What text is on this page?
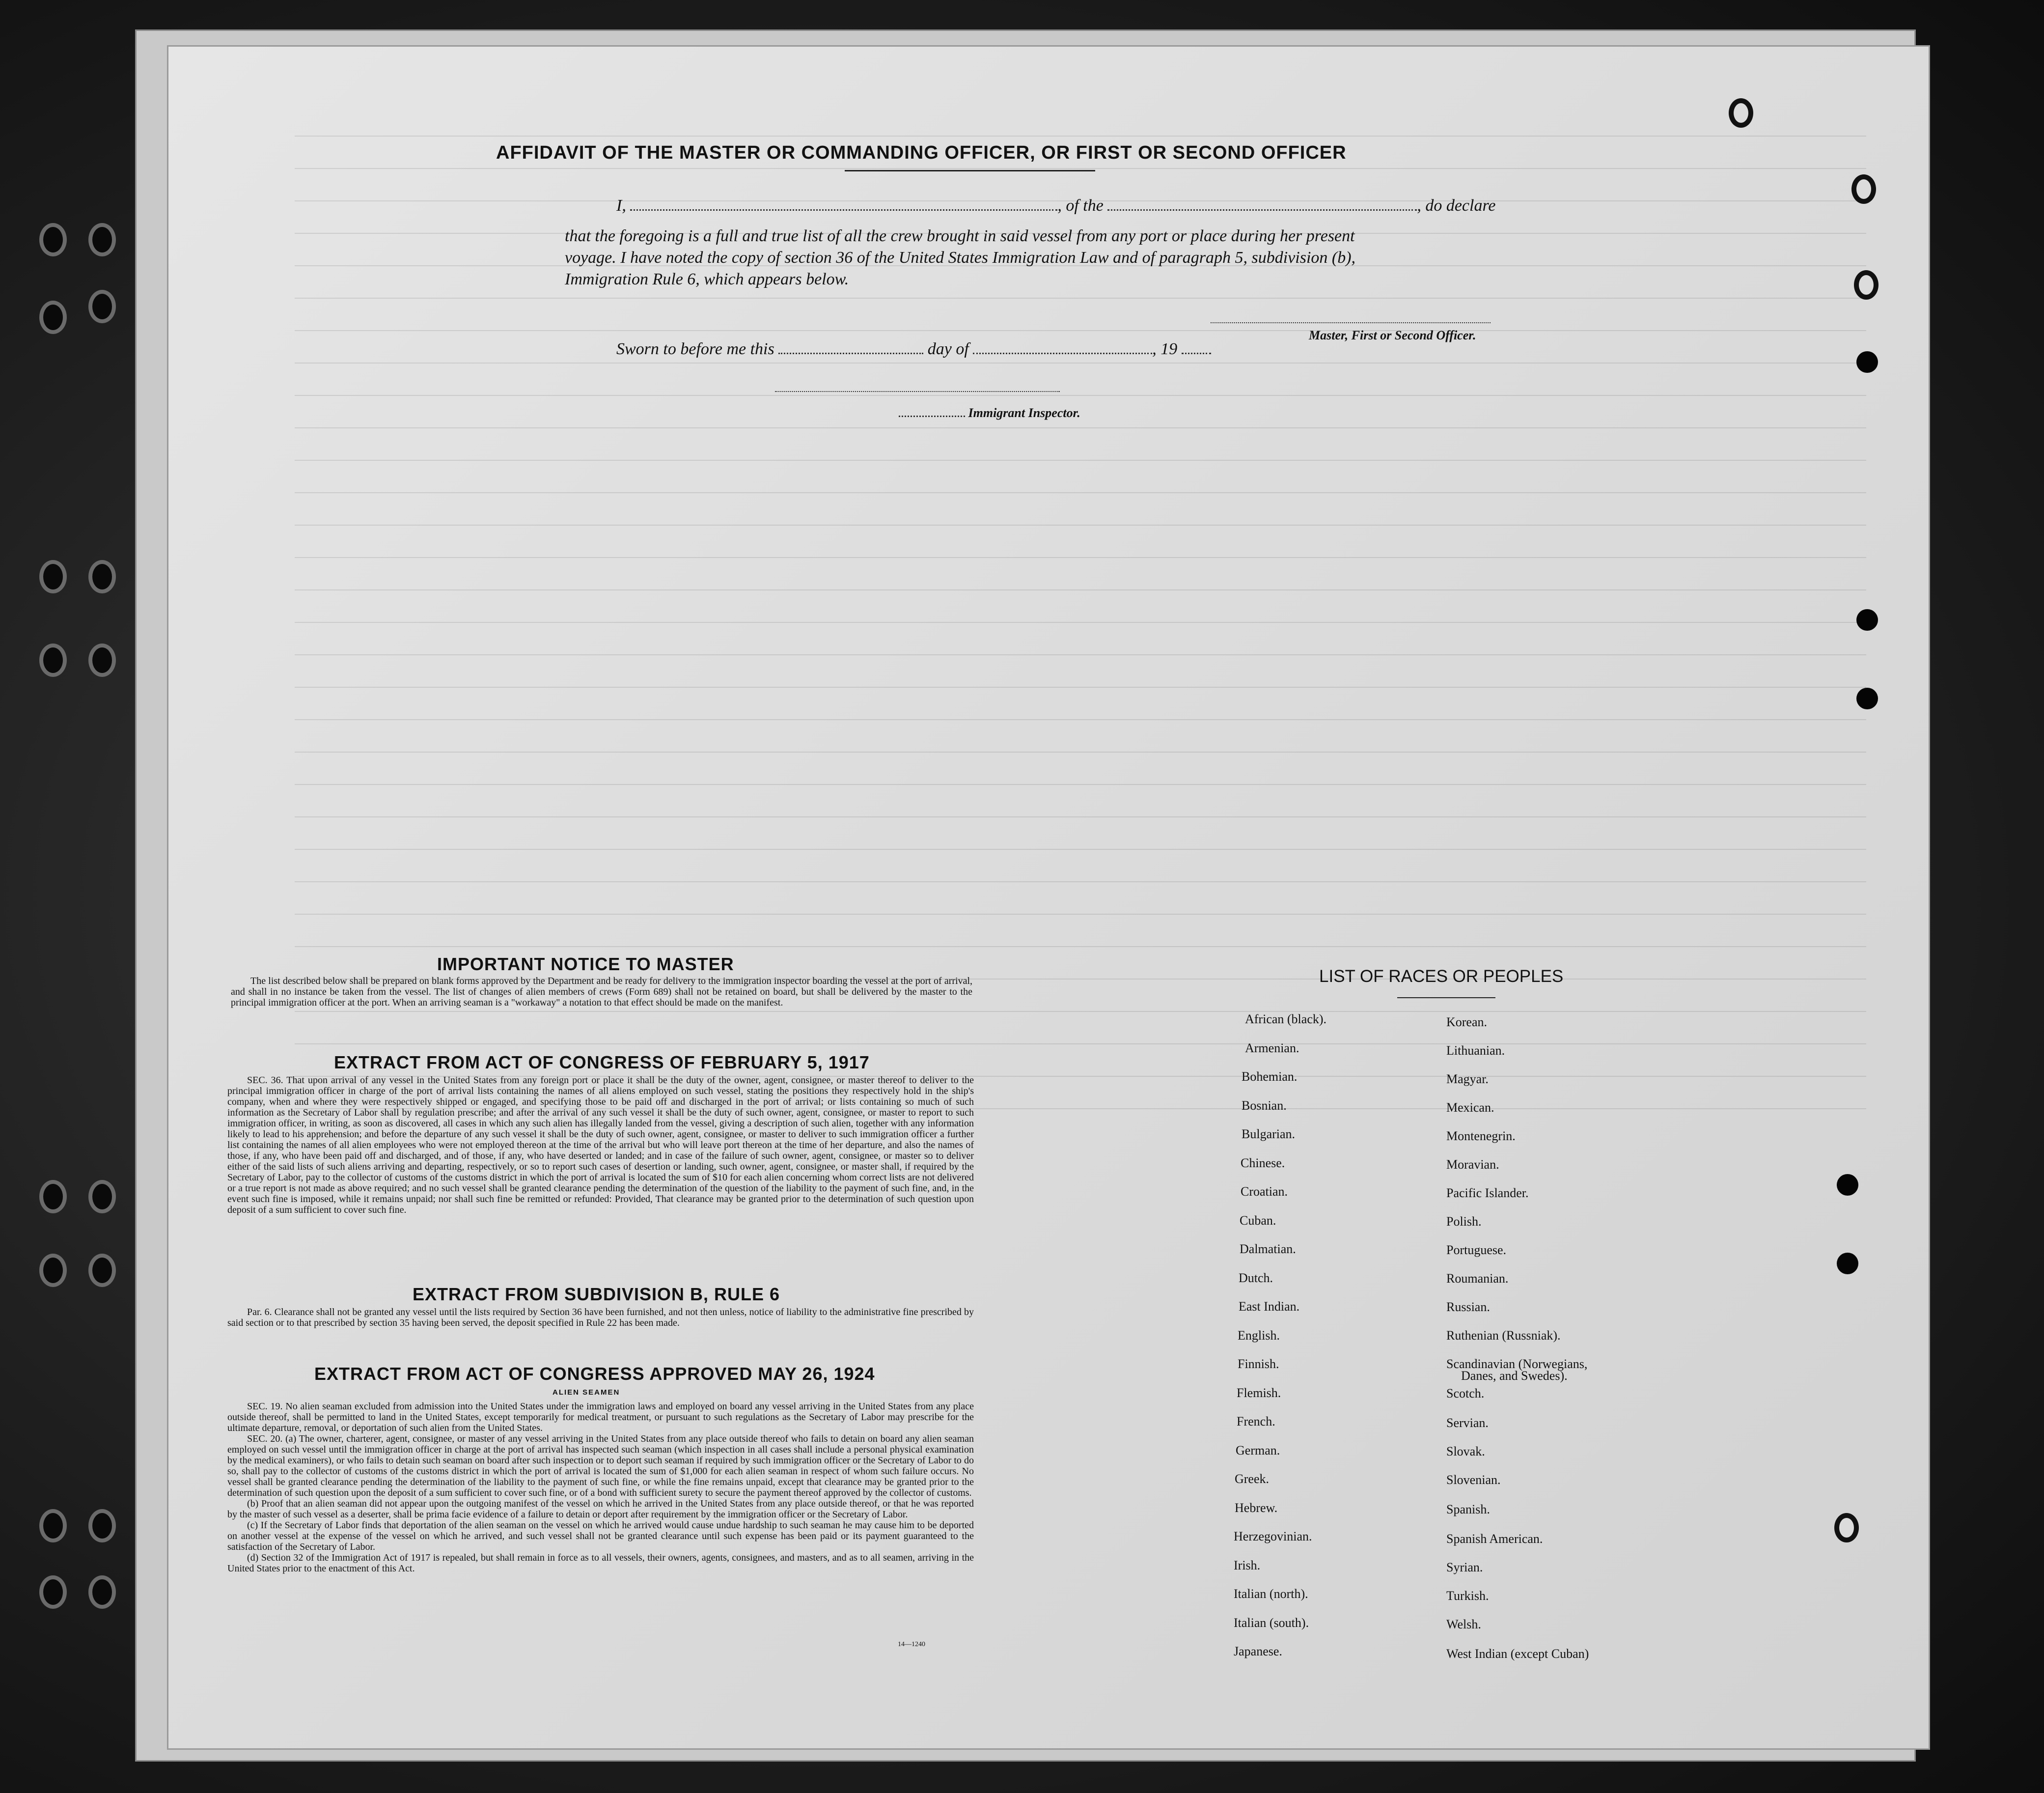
AFFIDAVIT OF THE MASTER OR COMMANDING OFFICER, OR FIRST OR SECOND OFFICER
I,	, of the	, do declare
that the foregoing is a full and true list of all the crew brought in said vessel from any port or place during her present
voyage. I have noted the copy of section 36 of the United States Immigration Law and of paragraph 5, subdivision (b),
Immigration Rule 6, which appears below.
Master, First or Second Officer.
Sworn to before me this	day of	, 19
Immigrant Inspector.
IMPORTANT NOTICE TO MASTER

The list described below shall be prepared on blank forms approved by the Department and be ready for delivery to the immigration inspector boarding the vessel at the port of arrival, and shall in no instance be taken from the vessel. The list of changes of alien members of crews (Form 689) shall not be retained on board, but shall be delivered by the master to the principal immigration officer at the port. When an arriving seaman is a "workaway" a notation to that effect should be made on the manifest.

EXTRACT FROM ACT OF CONGRESS OF FEBRUARY 5, 1917

SEC. 36. That upon arrival of any vessel in the United States from any foreign port or place it shall be the duty of the owner, agent, consignee, or master thereof to deliver to the principal immigration officer in charge of the port of arrival lists containing the names of all aliens employed on such vessel, stating the positions they respectively hold in the ship's company, when and where they were respectively shipped or engaged, and specifying those to be paid off and discharged in the port of arrival; or lists containing so much of such information as the Secretary of Labor shall by regulation prescribe; and after the arrival of any such vessel it shall be the duty of such owner, agent, consignee, or master to report to such immigration officer, in writing, as soon as discovered, all cases in which any such alien has illegally landed from the vessel, giving a description of such alien, together with any information likely to lead to his apprehension; and before the departure of any such vessel it shall be the duty of such owner, agent, consignee, or master to deliver to such immigration officer a further list containing the names of all alien employees who were not employed thereon at the time of the arrival but who will leave port thereon at the time of her departure, and also the names of those, if any, who have been paid off and discharged, and of those, if any, who have deserted or landed; and in case of the failure of such owner, agent, consignee, or master so to deliver either of the said lists of such aliens arriving and departing, respectively, or so to report such cases of desertion or landing, such owner, agent, consignee, or master shall, if required by the Secretary of Labor, pay to the collector of customs of the customs district in which the port of arrival is located the sum of $10 for each alien concerning whom correct lists are not delivered or a true report is not made as above required; and no such vessel shall be granted clearance pending the determination of the question of the liability to the payment of such fine, and, in the event such fine is imposed, while it remains unpaid; nor shall such fine be remitted or refunded: Provided, That clearance may be granted prior to the determination of such question upon deposit of a sum sufficient to cover such fine.

EXTRACT FROM SUBDIVISION B, RULE 6

Par. 6. Clearance shall not be granted any vessel until the lists required by Section 36 have been furnished, and not then unless, notice of liability to the administrative fine prescribed by said section or to that prescribed by section 35 having been served, the deposit specified in Rule 22 has been made.

EXTRACT FROM ACT OF CONGRESS APPROVED MAY 26, 1924
ALIEN SEAMEN

SEC. 19. No alien seaman excluded from admission into the United States under the immigration laws and employed on board any vessel arriving in the United States from any place outside thereof, shall be permitted to land in the United States, except temporarily for medical treatment, or pursuant to such regulations as the Secretary of Labor may prescribe for the ultimate departure, removal, or deportation of such alien from the United States.

SEC. 20. (a) The owner, charterer, agent, consignee, or master of any vessel arriving in the United States from any place outside thereof who fails to detain on board any alien seaman employed on such vessel until the immigration officer in charge at the port of arrival has inspected such seaman (which inspection in all cases shall include a personal physical examination by the medical examiners), or who fails to detain such seaman on board after such inspection or to deport such seaman if required by such immigration officer or the Secretary of Labor to do so, shall pay to the collector of customs of the customs district in which the port of arrival is located the sum of $1,000 for each alien seaman in respect of whom such failure occurs. No vessel shall be granted clearance pending the determination of the liability to the payment of such fine, or while the fine remains unpaid, except that clearance may be granted prior to the determination of such question upon the deposit of a sum sufficient to cover such fine, or of a bond with sufficient surety to secure the payment thereof approved by the collector of customs.

(b) Proof that an alien seaman did not appear upon the outgoing manifest of the vessel on which he arrived in the United States from any place outside thereof, or that he was reported by the master of such vessel as a deserter, shall be prima facie evidence of a failure to detain or deport after requirement by the immigration officer or the Secretary of Labor.

(c) If the Secretary of Labor finds that deportation of the alien seaman on the vessel on which he arrived would cause undue hardship to such seaman he may cause him to be deported on another vessel at the expense of the vessel on which he arrived, and such vessel shall not be granted clearance until such expense has been paid or its payment guaranteed to the satisfaction of the Secretary of Labor.

(d) Section 32 of the Immigration Act of 1917 is repealed, but shall remain in force as to all vessels, their owners, agents, consignees, and masters, and as to all seamen, arriving in the United States prior to the enactment of this Act.

14—1240
LIST OF RACES OR PEOPLES
African (black).
Armenian.
Bohemian.
Bosnian.
Bulgarian.
Chinese.
Croatian.
Cuban.
Dalmatian.
Dutch.
East Indian.
English.
Finnish.
Flemish.
French.
German.
Greek.
Hebrew.
Herzegovinian.
Irish.
Italian (north).
Italian (south).
Japanese.
Korean.
Lithuanian.
Magyar.
Mexican.
Montenegrin.
Moravian.
Pacific Islander.
Polish.
Portuguese.
Roumanian.
Russian.
Ruthenian (Russniak).
Scandinavian (Norwegians,
Danes, and Swedes).
Scotch.
Servian.
Slovak.
Slovenian.
Spanish.
Spanish American.
Syrian.
Turkish.
Welsh.
West Indian (except Cuban)
